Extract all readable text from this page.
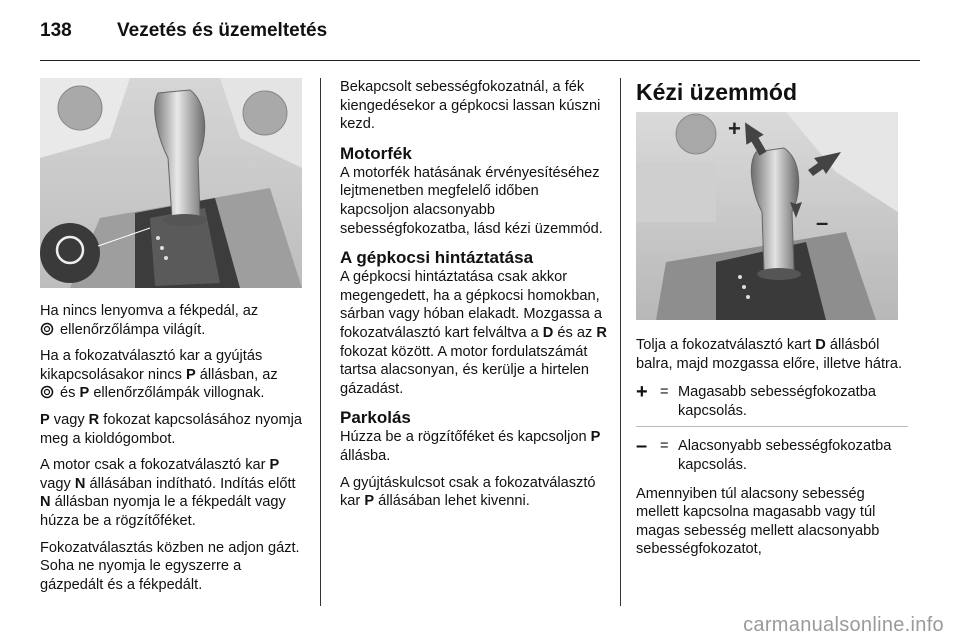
138 Vezetés és üzemeltetés

Ha nincs lenyomva a fékpedál, az
ellenőrzőlámpa világít.

Ha a fokozatválasztó kar a gyújtás kikapcsolásakor nincs P állásban, az
és P ellenőrzőlámpák villognak.

P vagy R fokozat kapcsolásához nyomja meg a kioldógombot.

A motor csak a fokozatválasztó kar P vagy N állásában indítható. Indítás előtt N állásban nyomja le a fékpedált vagy húzza be a rögzítőféket.

Fokozatválasztás közben ne adjon gázt. Soha ne nyomja le egyszerre a gázpedált és a fékpedált.

Bekapcsolt sebességfokozatnál, a fék kiengedésekor a gépkocsi lassan kúszni kezd.

Motorfék

A motorfék hatásának érvényesítéséhez lejtmenetben megfelelő időben kapcsoljon alacsonyabb sebességfokozatba, lásd kézi üzemmód.

A gépkocsi hintáztatása

A gépkocsi hintáztatása csak akkor megengedett, ha a gépkocsi homokban, sárban vagy hóban elakadt. Mozgassa a fokozatválasztó kart felváltva a D és az R fokozat között. A motor fordulatszámát tartsa alacsonyan, és kerülje a hirtelen gázadást.

Parkolás

Húzza be a rögzítőféket és kapcsoljon P állásba.

A gyújtáskulcsot csak a fokozatválasztó kar P állásában lehet kivenni.

Kézi üzemmód
+
–

Tolja a fokozatválasztó kart D állásból balra, majd mozgassa előre, illetve hátra.

+ = Magasabb sebességfokozatba kapcsolás.
– = Alacsonyabb sebességfokozatba kapcsolás.

Amennyiben túl alacsony sebesség mellett kapcsolna magasabb vagy túl magas sebesség mellett alacsonyabb sebességfokozatot,

carmanualsonline.info
